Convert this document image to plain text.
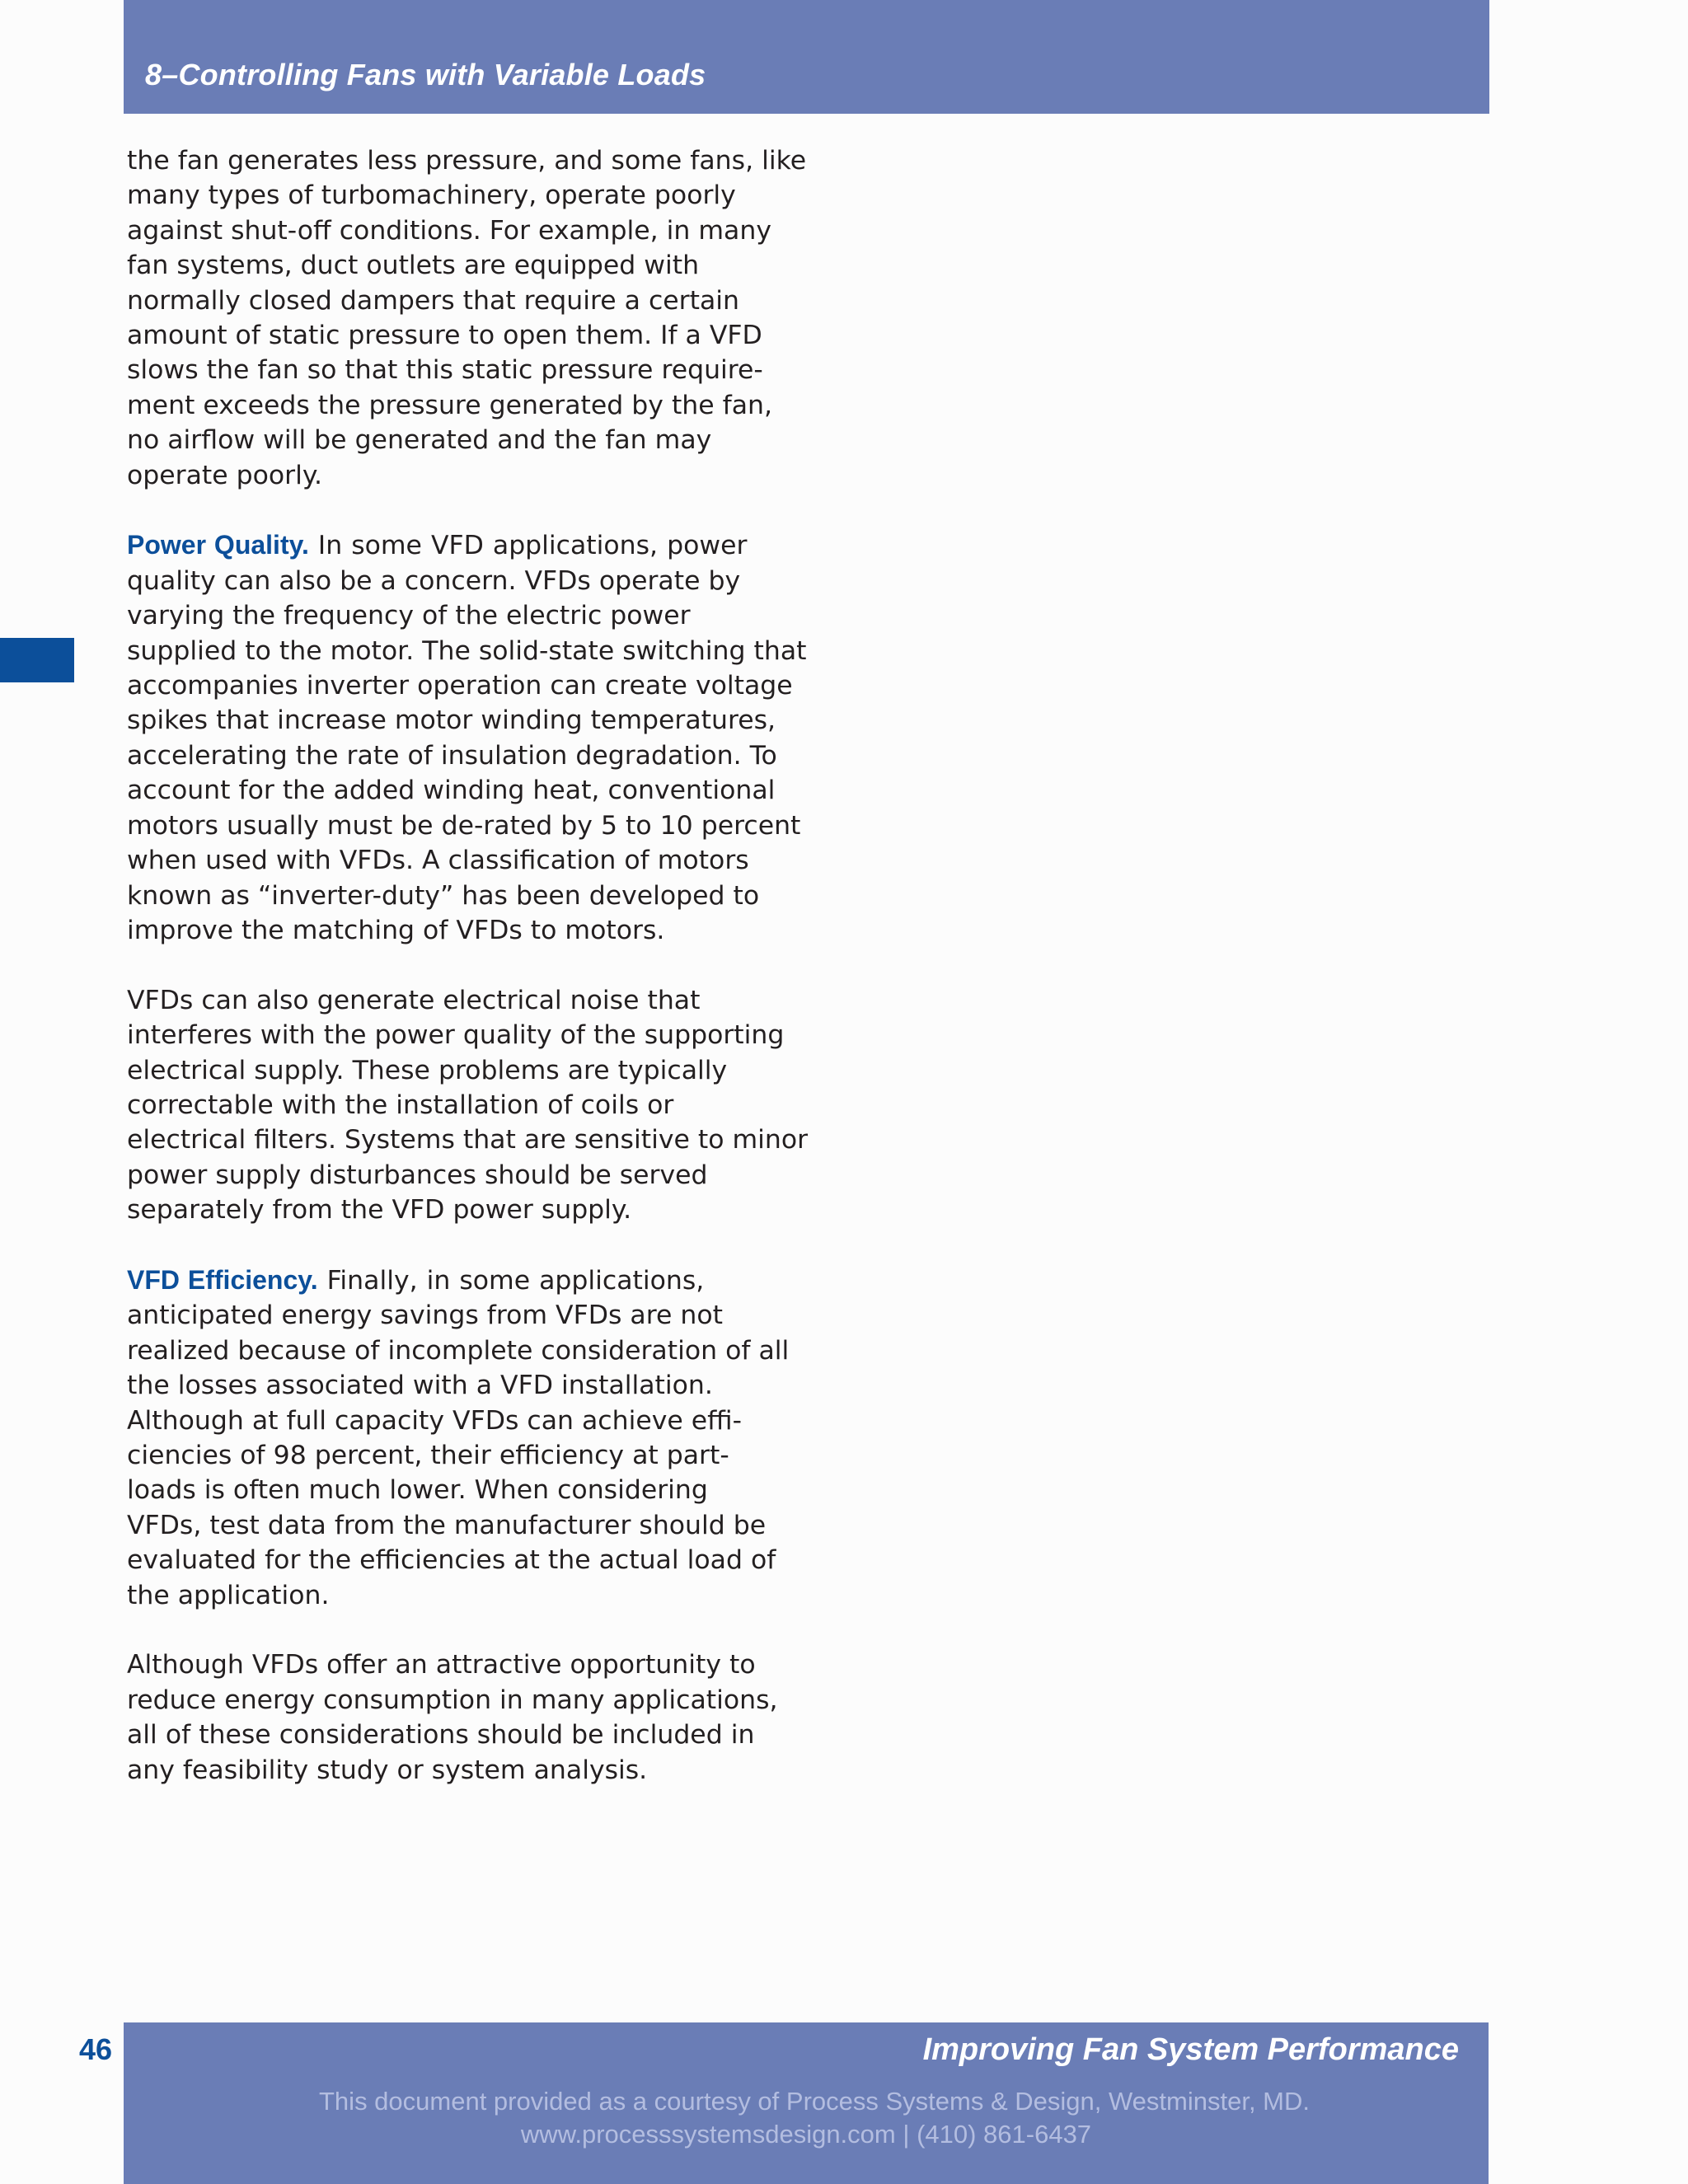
8–Controlling Fans with Variable Loads
the fan generates less pressure, and some fans, like
many types of turbomachinery, operate poorly
against shut-off conditions. For example, in many
fan systems, duct outlets are equipped with
normally closed dampers that require a certain
amount of static pressure to open them. If a VFD
slows the fan so that this static pressure require-
ment exceeds the pressure generated by the fan,
no airflow will be generated and the fan may
operate poorly.
Power Quality. In some VFD applications, power
quality can also be a concern. VFDs operate by
varying the frequency of the electric power
supplied to the motor. The solid-state switching that
accompanies inverter operation can create voltage
spikes that increase motor winding temperatures,
accelerating the rate of insulation degradation. To
account for the added winding heat, conventional
motors usually must be de-rated by 5 to 10 percent
when used with VFDs. A classification of motors
known as “inverter-duty” has been developed to
improve the matching of VFDs to motors.
VFDs can also generate electrical noise that
interferes with the power quality of the supporting
electrical supply. These problems are typically
correctable with the installation of coils or
electrical filters. Systems that are sensitive to minor
power supply disturbances should be served
separately from the VFD power supply.
VFD Efficiency. Finally, in some applications,
anticipated energy savings from VFDs are not
realized because of incomplete consideration of all
the losses associated with a VFD installation.
Although at full capacity VFDs can achieve effi-
ciencies of 98 percent, their efficiency at part-
loads is often much lower. When considering
VFDs, test data from the manufacturer should be
evaluated for the efficiencies at the actual load of
the application.
Although VFDs offer an attractive opportunity to
reduce energy consumption in many applications,
all of these considerations should be included in
any feasibility study or system analysis.
46	Improving Fan System Performance
This document provided as a courtesy of Process Systems & Design, Westminster, MD.
www.processsystemsdesign.com | (410) 861-6437
